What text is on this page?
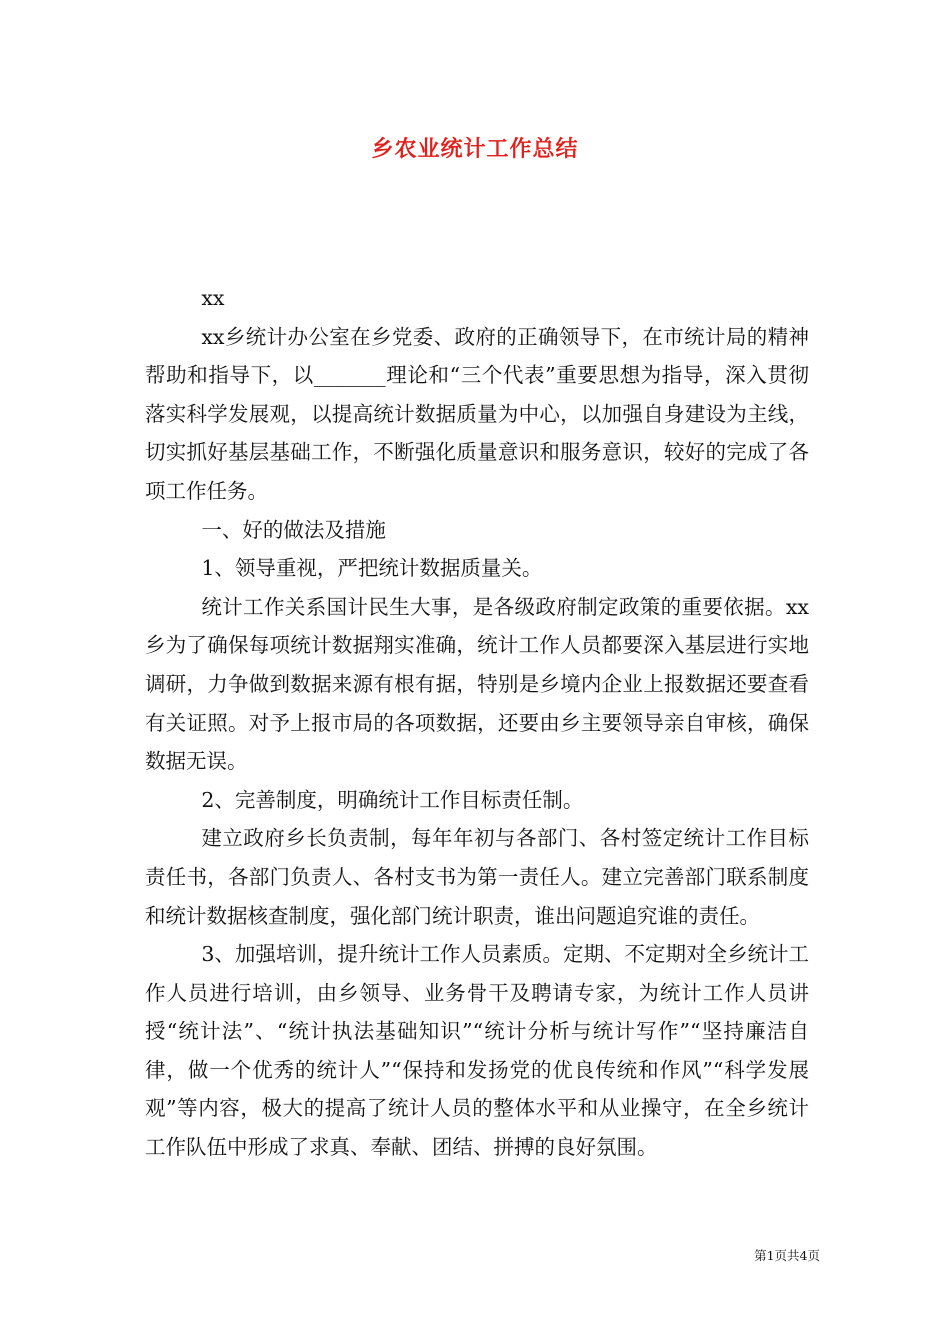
乡农业统计工作总结

xx

xx乡统计办公室在乡党委、政府的正确领导下，在市统计局的精神帮助和指导下，以_______理论和“三个代表”重要思想为指导，深入贯彻落实科学发展观，以提高统计数据质量为中心，以加强自身建设为主线，切实抓好基层基础工作，不断强化质量意识和服务意识，较好的完成了各项工作任务。

一、好的做法及措施

1、领导重视，严把统计数据质量关。

统计工作关系国计民生大事，是各级政府制定政策的重要依据。xx乡为了确保每项统计数据翔实准确，统计工作人员都要深入基层进行实地调研，力争做到数据来源有根有据，特别是乡境内企业上报数据还要查看有关证照。对予上报市局的各项数据，还要由乡主要领导亲自审核，确保数据无误。

2、完善制度，明确统计工作目标责任制。

建立政府乡长负责制，每年年初与各部门、各村签定统计工作目标责任书，各部门负责人、各村支书为第一责任人。建立完善部门联系制度和统计数据核查制度，强化部门统计职责，谁出问题追究谁的责任。

3、加强培训，提升统计工作人员素质。定期、不定期对全乡统计工作人员进行培训，由乡领导、业务骨干及聘请专家，为统计工作人员讲授“统计法”、“统计执法基础知识”“统计分析与统计写作”“坚持廉洁自律，做一个优秀的统计人”“保持和发扬党的优良传统和作风”“科学发展观”等内容，极大的提高了统计人员的整体水平和从业操守，在全乡统计工作队伍中形成了求真、奉献、团结、拼搏的良好氛围。

第1页共4页
